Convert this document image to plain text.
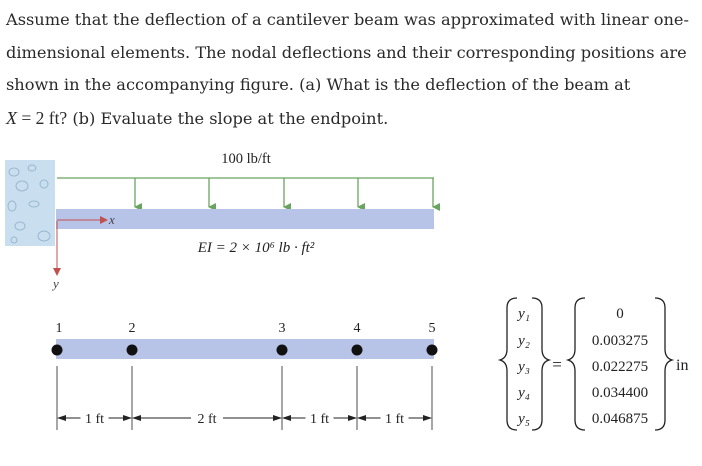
Assume that the deflection of a cantilever beam was approximated with linear one-
dimensional elements. The nodal deflections and their corresponding positions are
shown in the accompanying figure. (a) What is the deflection of the beam at
X = 2 ft? (b) Evaluate the slope at the endpoint.
100 lb/ft
x
y
EI = 2 × 10⁶ lb · ft²
1	2	3	4	5
1 ft	2 ft	1 ft	1 ft
y₁	0
y₂	0.003275
y₃	0.022275
y₄	0.034400
y₅	0.046875
=	in
